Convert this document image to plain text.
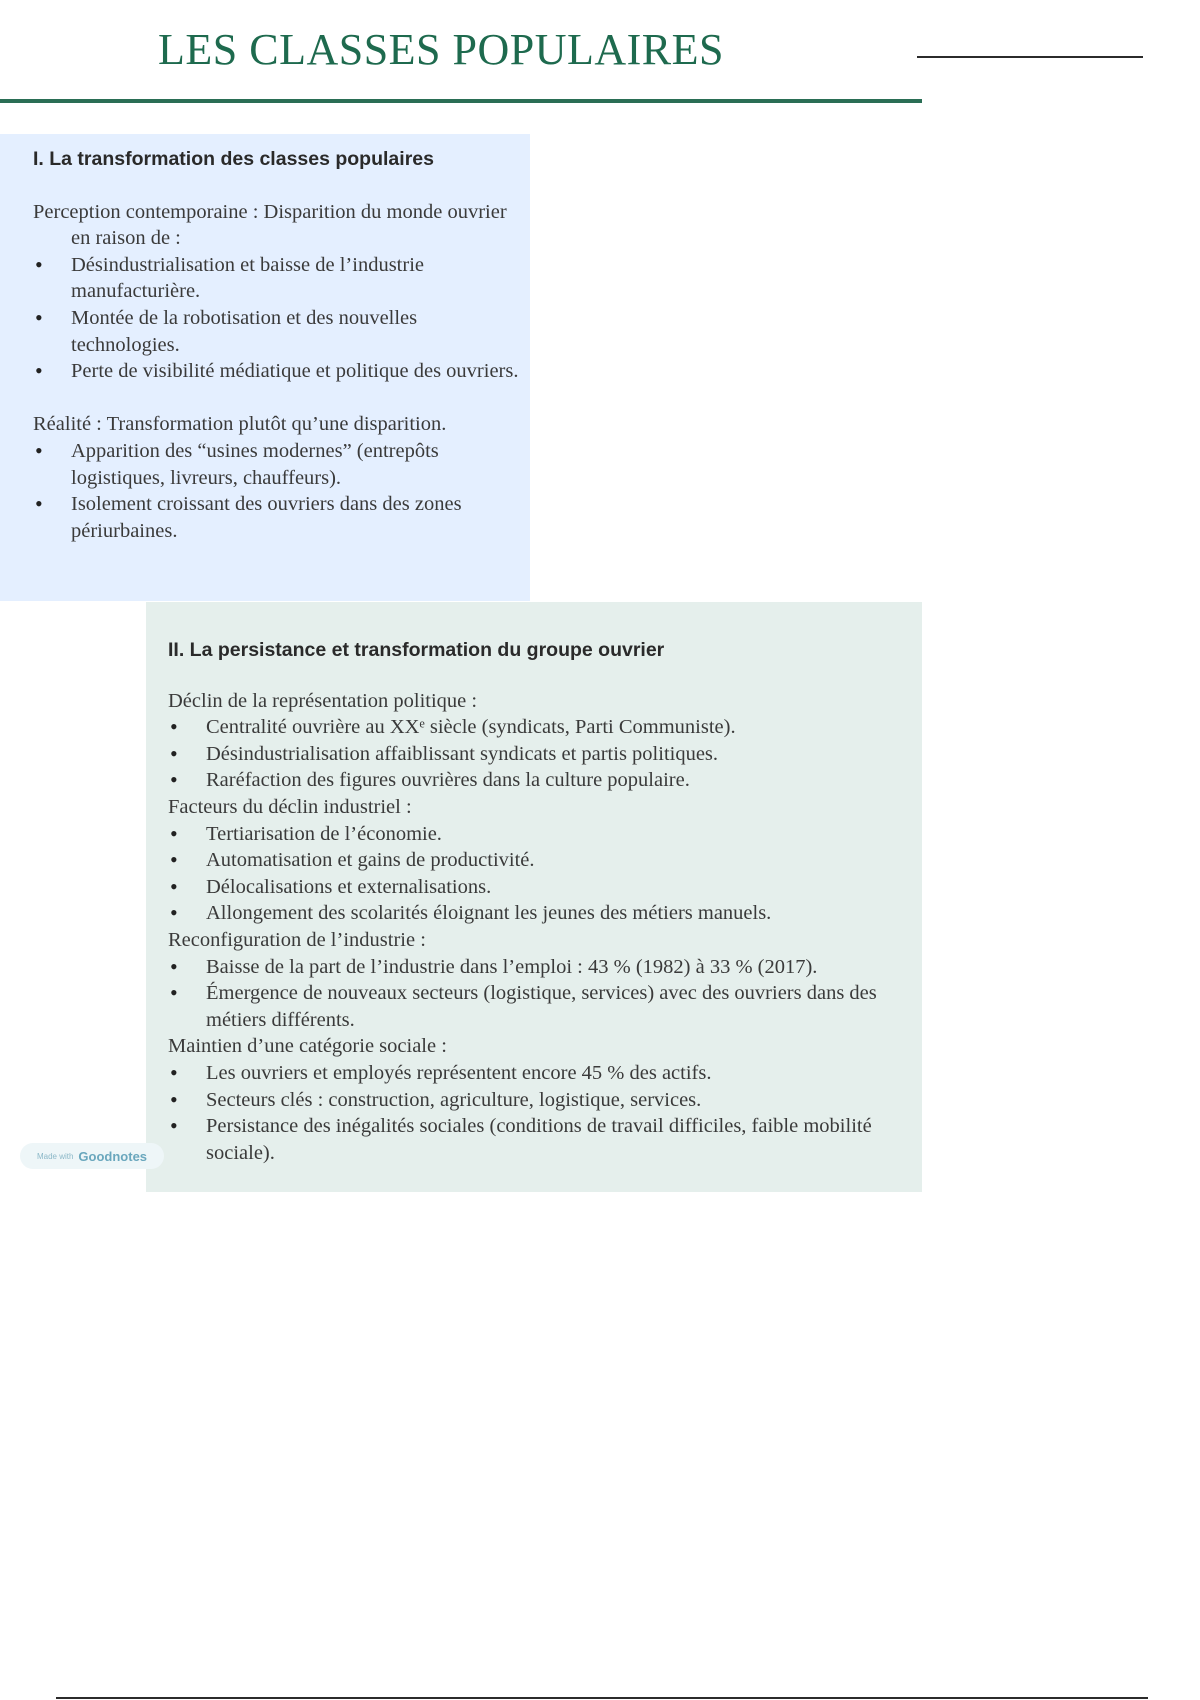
LES CLASSES POPULAIRES
I. La transformation des classes populaires

Perception contemporaine : Disparition du monde ouvrier en raison de :

• Désindustrialisation et baisse de l’industrie manufacturière.
• Montée de la robotisation et des nouvelles technologies.
• Perte de visibilité médiatique et politique des ouvriers.

Réalité : Transformation plutôt qu’une disparition.

• Apparition des “usines modernes” (entrepôts logistiques, livreurs, chauffeurs).
• Isolement croissant des ouvriers dans des zones périurbaines.
II. La persistance et transformation du groupe ouvrier

Déclin de la représentation politique :

• Centralité ouvrière au XXᵉ siècle (syndicats, Parti Communiste).
• Désindustrialisation affaiblissant syndicats et partis politiques.
• Raréfaction des figures ouvrières dans la culture populaire.

Facteurs du déclin industriel :

• Tertiarisation de l’économie.
• Automatisation et gains de productivité.
• Délocalisations et externalisations.
• Allongement des scolarités éloignant les jeunes des métiers manuels.

Reconfiguration de l’industrie :

• Baisse de la part de l’industrie dans l’emploi : 43 % (1982) à 33 % (2017).
• Émergence de nouveaux secteurs (logistique, services) avec des ouvriers dans des métiers différents.

Maintien d’une catégorie sociale :

• Les ouvriers et employés représentent encore 45 % des actifs.
• Secteurs clés : construction, agriculture, logistique, services.
• Persistance des inégalités sociales (conditions de travail difficiles, faible mobilité sociale).
Made with Goodnotes
